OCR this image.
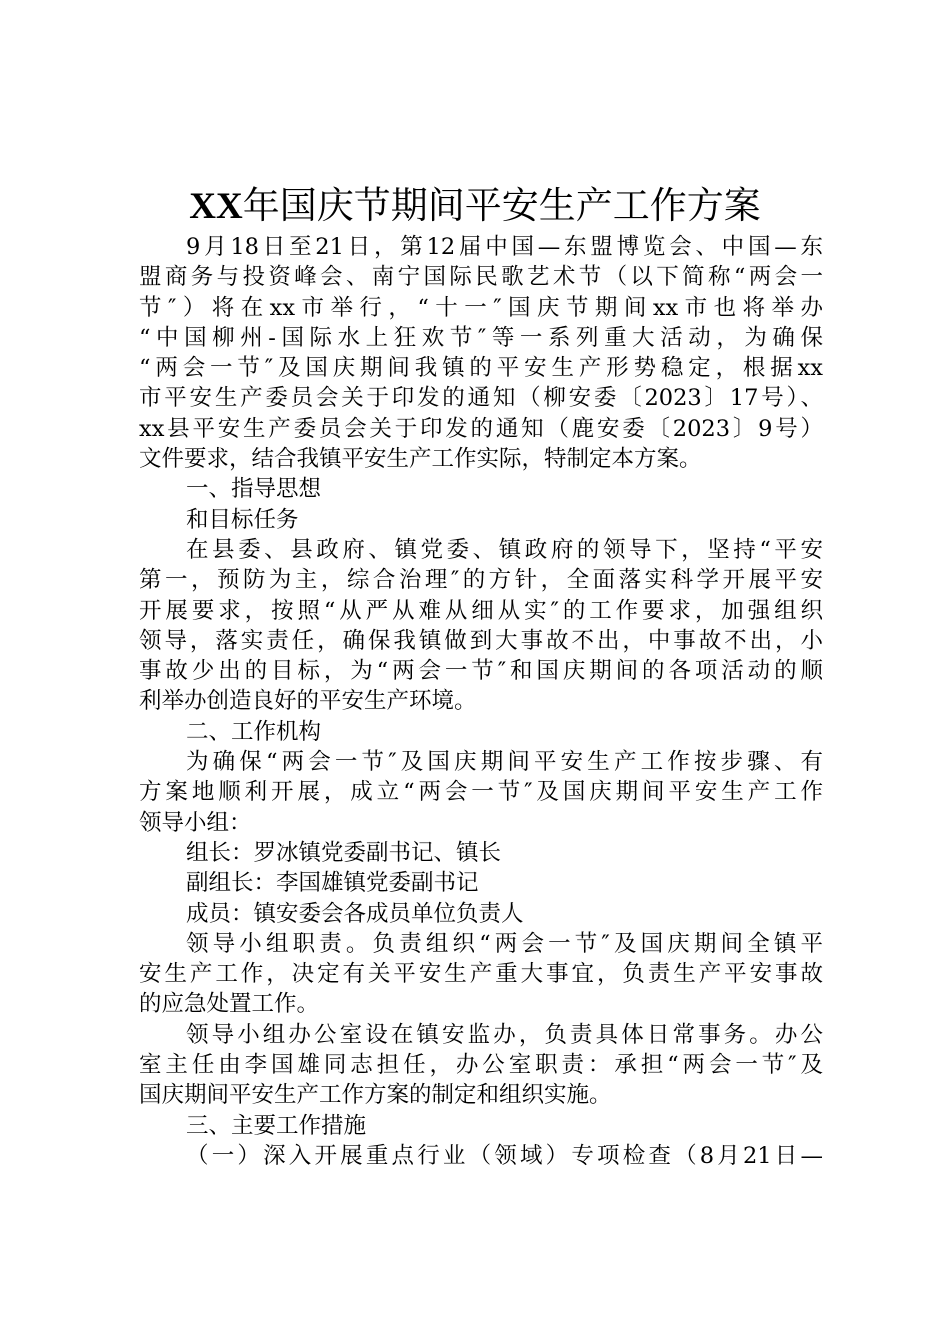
XX年国庆节期间平安生产工作方案
9月18日至21日，第12届中国—东盟博览会、中国—东
盟商务与投资峰会、南宁国际民歌艺术节（以下简称“两会一
节″）将在xx市举行，“十一″国庆节期间xx市也将举办
“中国柳州-国际水上狂欢节″等一系列重大活动，为确保
“两会一节″及国庆期间我镇的平安生产形势稳定，根据xx
市平安生产委员会关于印发的通知（柳安委〔2023〕17号）、
xx县平安生产委员会关于印发的通知（鹿安委〔2023〕9号）
文件要求，结合我镇平安生产工作实际，特制定本方案。
一、指导思想
和目标任务
在县委、县政府、镇党委、镇政府的领导下，坚持“平安
第一，预防为主，综合治理″的方针，全面落实科学开展平安
开展要求，按照“从严从难从细从实″的工作要求，加强组织
领导，落实责任，确保我镇做到大事故不出，中事故不出，小
事故少出的目标，为“两会一节″和国庆期间的各项活动的顺
利举办创造良好的平安生产环境。
二、工作机构
为确保“两会一节″及国庆期间平安生产工作按步骤、有
方案地顺利开展，成立“两会一节″及国庆期间平安生产工作
领导小组：
组长：罗冰镇党委副书记、镇长
副组长：李国雄镇党委副书记
成员：镇安委会各成员单位负责人
领导小组职责。负责组织“两会一节″及国庆期间全镇平
安生产工作，决定有关平安生产重大事宜，负责生产平安事故
的应急处置工作。
领导小组办公室设在镇安监办，负责具体日常事务。办公
室主任由李国雄同志担任，办公室职责：承担“两会一节″及
国庆期间平安生产工作方案的制定和组织实施。
三、主要工作措施
（一）深入开展重点行业（领域）专项检查（8月21日—
